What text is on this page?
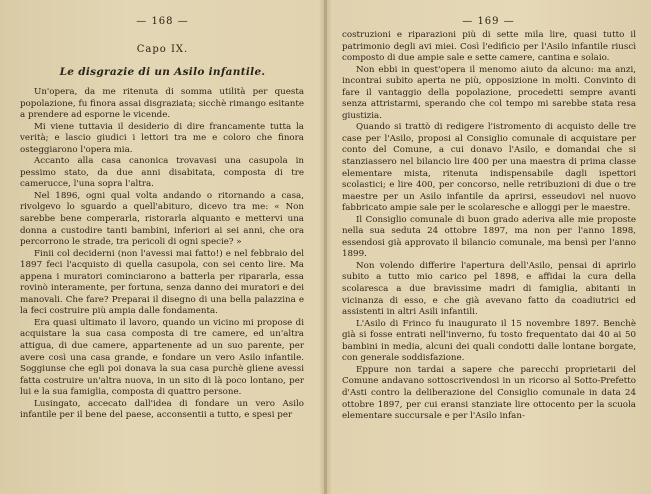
— 168 —
Capo IX.
Le disgrazie di un Asilo infantile.

Un'opera, da me ritenuta di somma utilità per questa popolazione, fu finora assai disgraziata; sicchè rimango esitante a prendere ad esporne le vicende.

Mi viene tuttavia il desiderio di dire francamente tutta la verità; e lascio giudici i lettori tra me e coloro che finora osteggiarono l'opera mia.

Accanto alla casa canonica trovavasi una casupola in pessimo stato, da due anni disabitata, composta di tre camerucce, l'una sopra l'altra.

Nel 1896, ogni qual volta andando o ritornando a casa, rivolgevo lo sguardo a quell'abituro, dicevo tra me: « Non sarebbe bene comperarla, ristorarla alquanto e mettervi una donna a custodire tanti bambini, inferiori ai sei anni, che ora percorrono le strade, tra pericoli di ogni specie? »

Finii col deciderni (non l'avessi mai fatto!) e nel febbraio del 1897 feci l'acquisto di quella casupola, con sei cento lire. Ma appena i muratori cominciarono a batterla per ripararla, essa rovinò interamente, per fortuna, senza danno dei muratori e dei manovali. Che fare? Preparai il disegno di una bella palazzina e la feci costruire più ampia dalle fondamenta.

Era quasi ultimato il lavoro, quando un vicino mi propose di acquistare la sua casa composta di tre camere, ed un'altra attigua, di due camere, appartenente ad un suo parente, per avere così una casa grande, e fondare un vero Asilo infantile. Soggiunse che egli poi donava la sua casa purchè gliene avessi fatta costruire un'altra nuova, in un sito di là poco lontano, per lui e la sua famiglia, composta di quattro persone.

Lusingato, accecato dall'idea di fondare un vero Asilo infantile per il bene del paese, acconsentii a tutto, e spesi per

— 169 —

costruzioni e riparazioni più di sette mila lire, quasi tutto il patrimonio degli avi miei. Così l'edificio per l'Asilo infantile riuscì composto di due ampie sale e sette camere, cantina e solaio.

Non ebbi in quest'opera il menomo aiuto da alcuno: ma anzi, incontrai subito aperta ne più, opposizione in molti. Convinto di fare il vantaggio della popolazione, procedetti sempre avanti senza attristarmi, sperando che col tempo mi sarebbe stata resa giustizia.

Quando si trattò di redigere l'istromento di acquisto delle tre case per l'Asilo, proposi al Consiglio comunale di acquistare per conto del Comune, a cui donavo l'Asilo, e domandai che si stanziassero nel bilancio lire 400 per una maestra di prima classe elementare mista, ritenuta indispensabile dagli ispettori scolastici; e lire 400, per concorso, nelle retribuzioni di due o tre maestre per un Asilo infantile da aprirsi, esseudovi nel nuovo fabbricato ampie sale per le scolaresche e alloggi per le maestre.

Il Consiglio comunale di buon grado aderiva alle mie proposte nella sua seduta 24 ottobre 1897, ma non per l'anno 1898, essendosi già approvato il bilancio comunale, ma bensì per l'anno 1899.

Non volendo differire l'apertura dell'Asilo, pensai di aprirlo subito a tutto mio carico pel 1898, e affidai la cura della scolaresca a due bravissime madri di famiglia, abitanti in vicinanza di esso, e che già avevano fatto da coadiutrici ed assistenti in altri Asili infantili.

L'Asilo di Frinco fu inaugurato il 15 novembre 1897. Benchè già si fosse entrati nell'inverno, fu tosto frequentato dai 40 ai 50 bambini in media, alcuni dei quali condotti dalle lontane borgate, con generale soddisfazione.

Eppure non tardai a sapere che parecchi proprietarii del Comune andavano sottoscrivendosi in un ricorso al Sotto-Prefetto d'Asti contro la deliberazione del Consiglio comunale in data 24 ottobre 1897, per cui eransi stanziate lire ottocento per la scuola elementare succursale e per l'Asilo infan-
